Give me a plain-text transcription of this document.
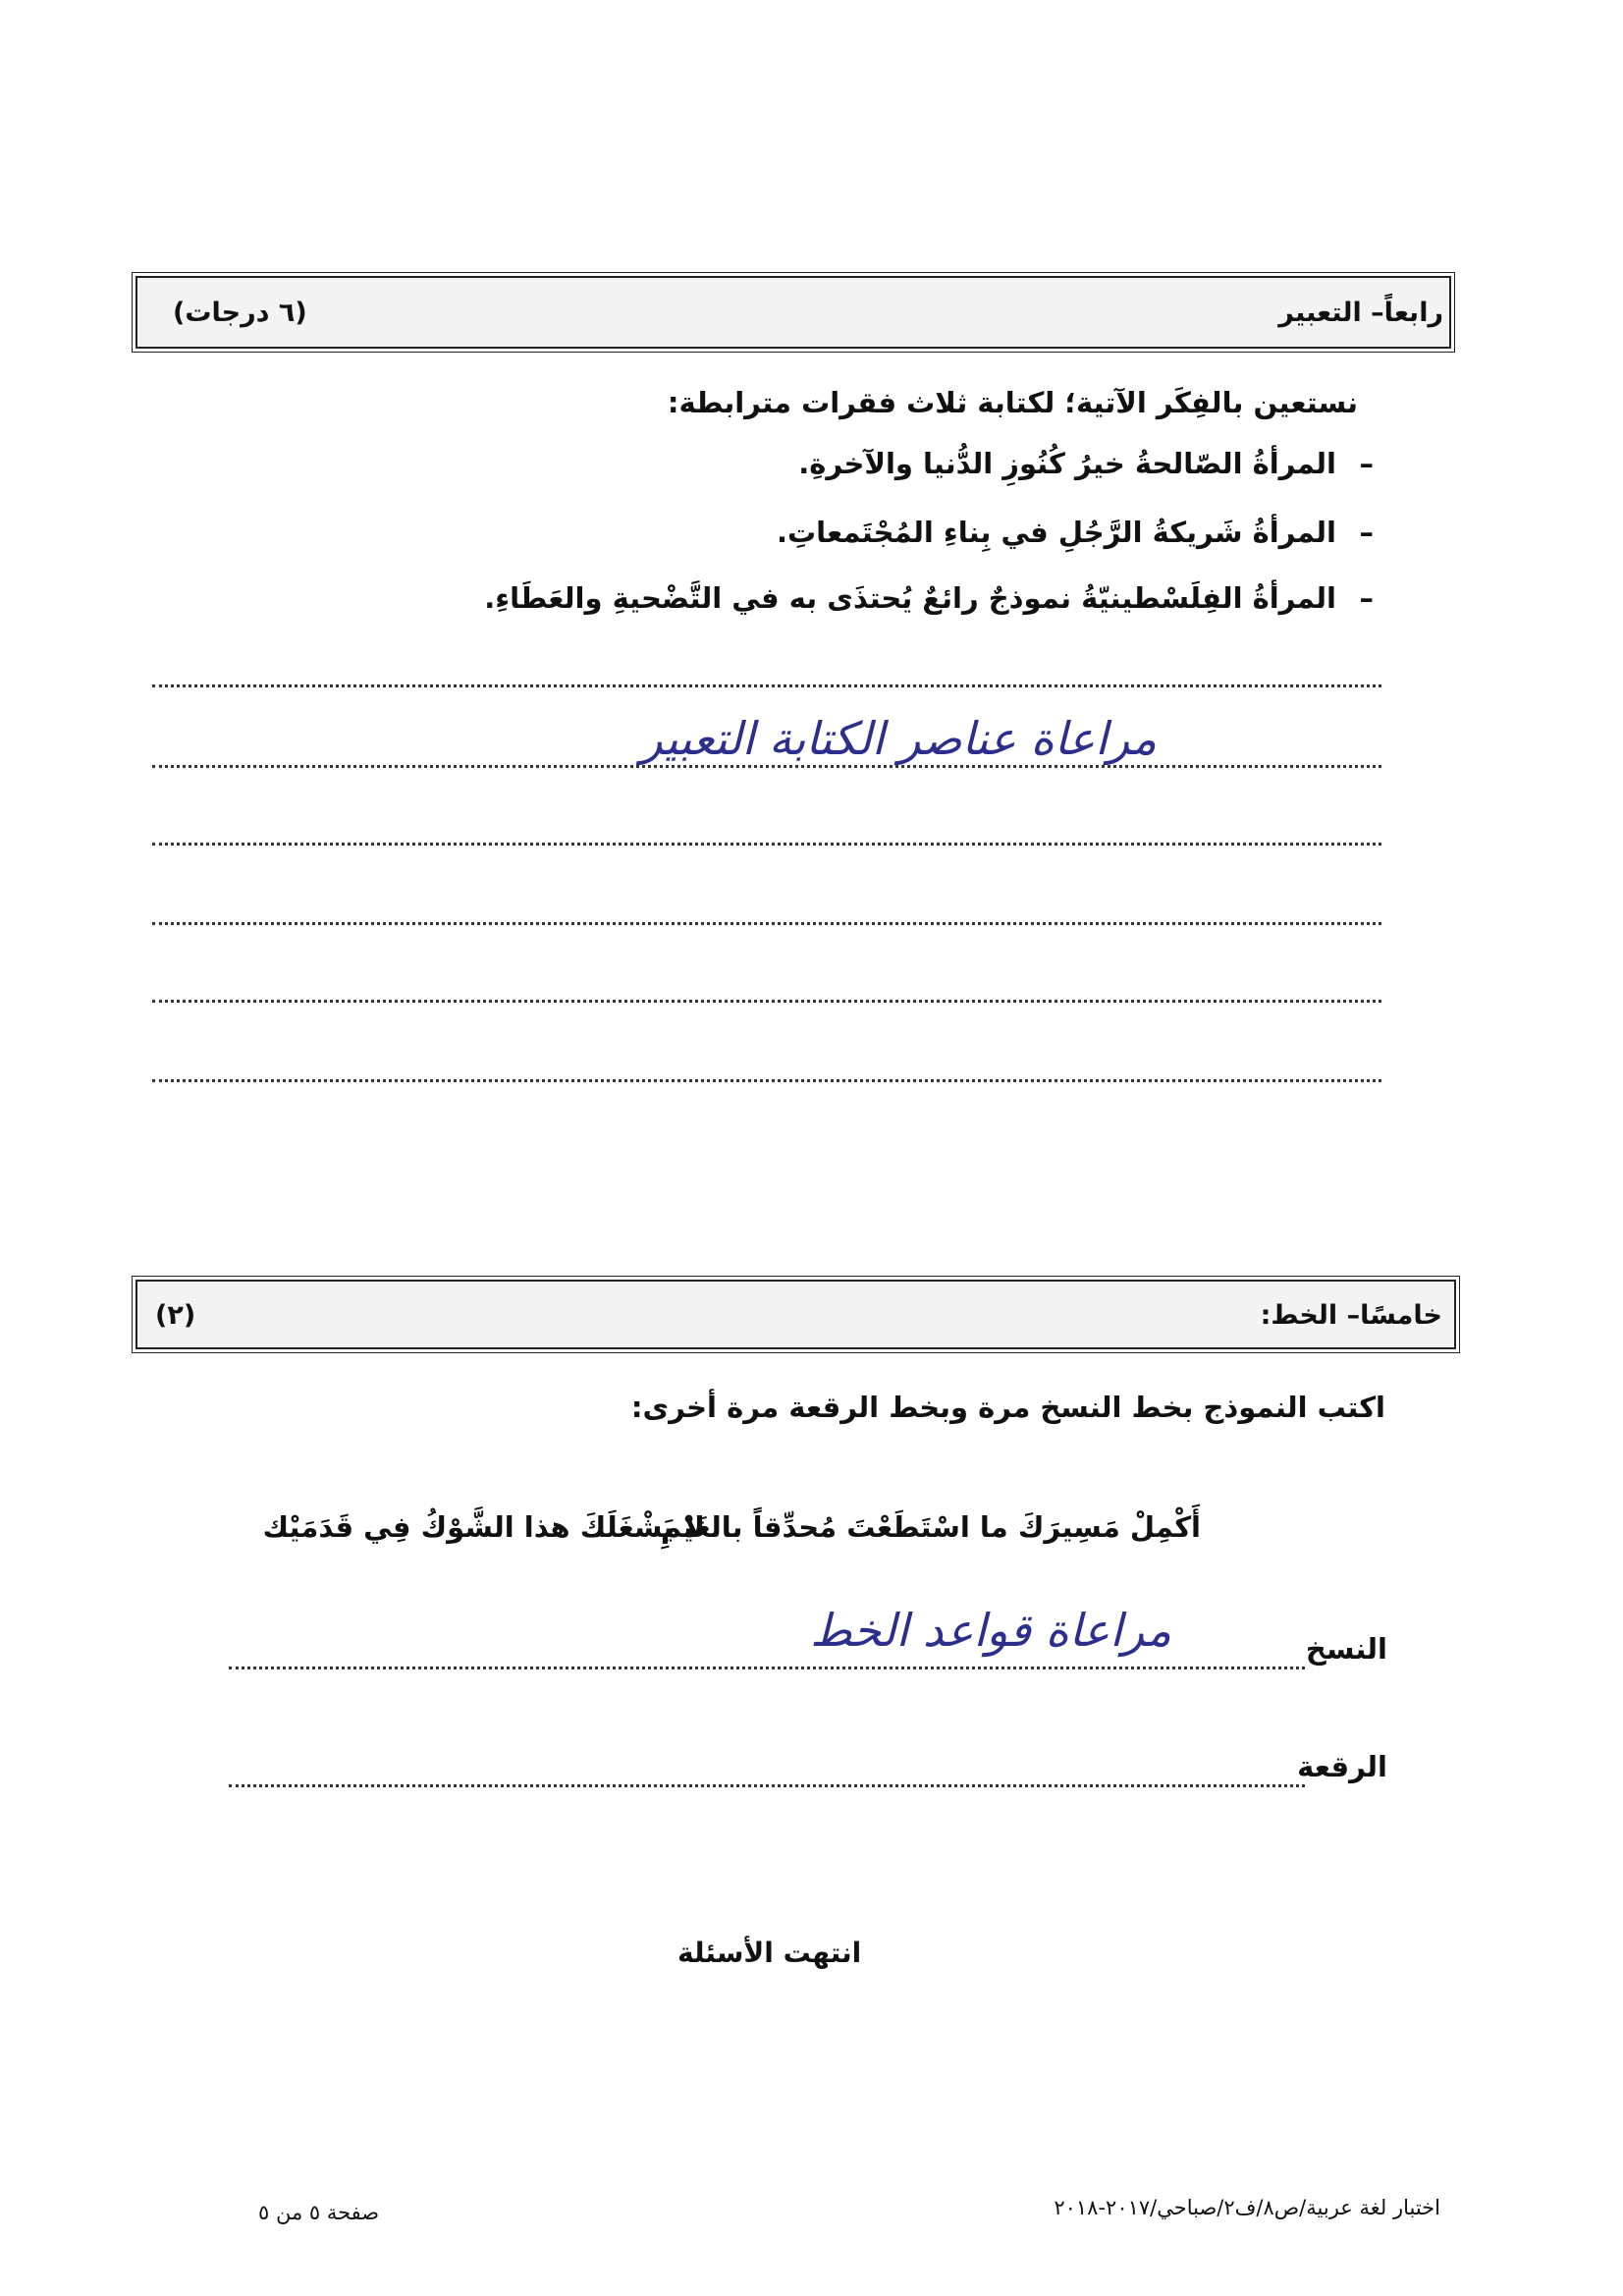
رابعاً– التعبير
(٦ درجات)
نستعين بالفِكَر الآتية؛ لكتابة ثلاث فقرات مترابطة:
–المرأةُ الصّالحةُ خيرُ كُنُوزِ الدُّنيا والآخرةِ.
–المرأةُ شَريكةُ الرَّجُلِ في بِناءِ المُجْتَمعاتِ.
–المرأةُ الفِلَسْطينيّةُ نموذجٌ رائعٌ يُحتذَى به في التَّضْحيةِ والعَطَاءِ.
مراعاة عناصر الكتابة التعبير
خامسًا– الخط:
(٢)
اكتب النموذج بخط النسخ مرة وبخط الرقعة مرة أخرى:
أَكْمِلْ مَسِيرَكَ ما اسْتَطَعْتَ مُحدِّقاً بالغَيْمِ
لا يَشْغَلَكَ هذا الشَّوْكُ فِي قَدَمَيْك
النسخ
مراعاة قواعد الخط
الرقعة
انتهت الأسئلة
اختبار لغة عربية/ص٨/ف٢/صباحي/٢٠١٧-٢٠١٨
صفحة ٥ من ٥
